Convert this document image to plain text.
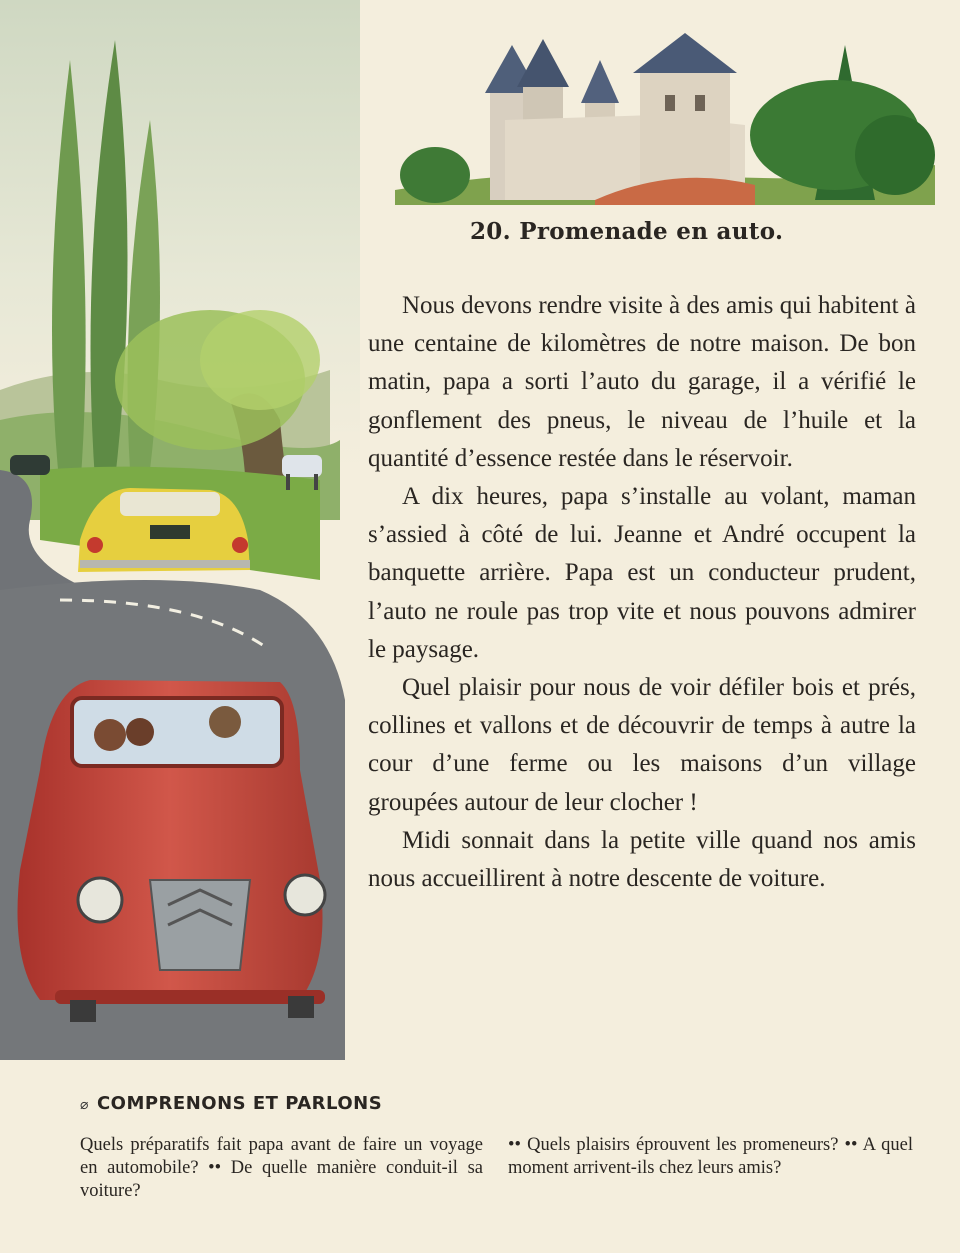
20. Promenade en auto.

Nous devons rendre visite à des amis qui habitent à une centaine de kilomètres de notre maison. De bon matin, papa a sorti l’auto du garage, il a vérifié le gonflement des pneus, le niveau de l’huile et la quantité d’essence restée dans le réservoir.

A dix heures, papa s’installe au volant, maman s’assied à côté de lui. Jeanne et André occupent la banquette arrière. Papa est un conducteur prudent, l’auto ne roule pas trop vite et nous pouvons admirer le paysage.

Quel plaisir pour nous de voir défiler bois et prés, collines et vallons et de découvrir de temps à autre la cour d’une ferme ou les maisons d’un village groupées autour de leur clocher !

Midi sonnait dans la petite ville quand nos amis nous accueillirent à notre descente de voiture.

⌀ COMPRENONS ET PARLONS

Quels préparatifs fait papa avant de faire un voyage en automobile? •• De quelle manière conduit-il sa voiture?

•• Quels plaisirs éprouvent les promeneurs? •• A quel moment arrivent-ils chez leurs amis?
